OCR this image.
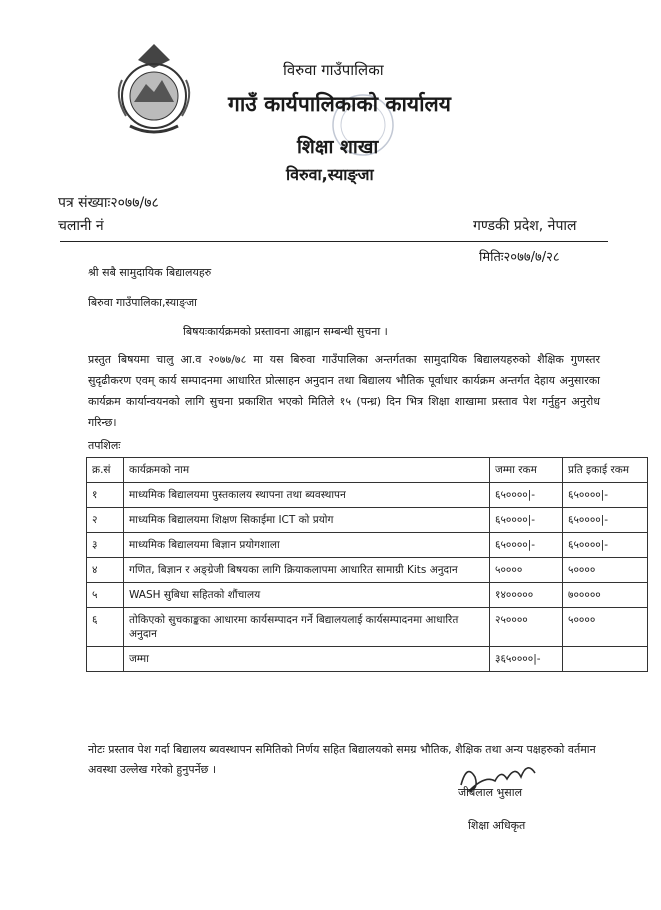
विरुवा गाउँपालिका
गाउँ कार्यपालिकाको कार्यालय
शिक्षा शाखा
विरुवा,स्याङ्जा
पत्र संख्याः२०७७/७८
चलानी नं	गण्डकी प्रदेश, नेपाल
मितिः२०७७/७/२८
श्री सबै सामुदायिक बिद्यालयहरु
बिरुवा गाउँपालिका,स्याङ्जा
बिषयःकार्यक्रमको प्रस्तावना आह्वान सम्बन्धी सुचना ।
प्रस्तुत बिषयमा चालु आ.व २०७७/७८ मा यस बिरुवा गाउँपालिका अन्तर्गतका सामुदायिक बिद्यालयहरुको शैक्षिक गुणस्तर सुदृढीकरण एवम् कार्य सम्पादनमा आधारित प्रोत्साहन अनुदान तथा बिद्यालय भौतिक पूर्वाधार कार्यक्रम अन्तर्गत देहाय अनुसारका कार्यक्रम कार्यान्वयनको लागि सुचना प्रकाशित भएको मितिले १५ (पन्ध्र) दिन भित्र शिक्षा शाखामा प्रस्ताव पेश गर्नुहुन अनुरोध गरिन्छ।
तपशिलः
क्र.सं	कार्यक्रमको नाम	जम्मा रकम	प्रति इकाई रकम
१	माध्यमिक बिद्यालयमा पुस्तकालय स्थापना तथा ब्यवस्थापन	६५००००|-	६५००००|-
२	माध्यमिक बिद्यालयमा शिक्षण सिकाईमा ICT को प्रयोग	६५००००|-	६५००००|-
३	माध्यमिक बिद्यालयमा बिज्ञान प्रयोगशाला	६५००००|-	६५००००|-
४	गणित, बिज्ञान र अङ्ग्रेजी बिषयका लागि क्रियाकलापमा आधारित सामाग्री Kits अनुदान	५००००	५००००
५	WASH सुबिधा सहितको शौंचालय	१४०००००	७०००००
६	तोकिएको सुचकाङ्कका आधारमा कार्यसम्पादन गर्ने बिद्यालयलाई कार्यसम्पादनमा आधारित अनुदान	२५००००	५००००
	जम्मा	३६५००००|-	
नोटः प्रस्ताव पेश गर्दा बिद्यालय ब्यवस्थापन समितिको निर्णय सहित बिद्यालयको समग्र भौतिक, शैक्षिक तथा अन्य पक्षहरुको वर्तमान अवस्था उल्लेख गरेको हुनुपर्नेछ ।
जीबलाल भुसाल
शिक्षा अधिकृत
